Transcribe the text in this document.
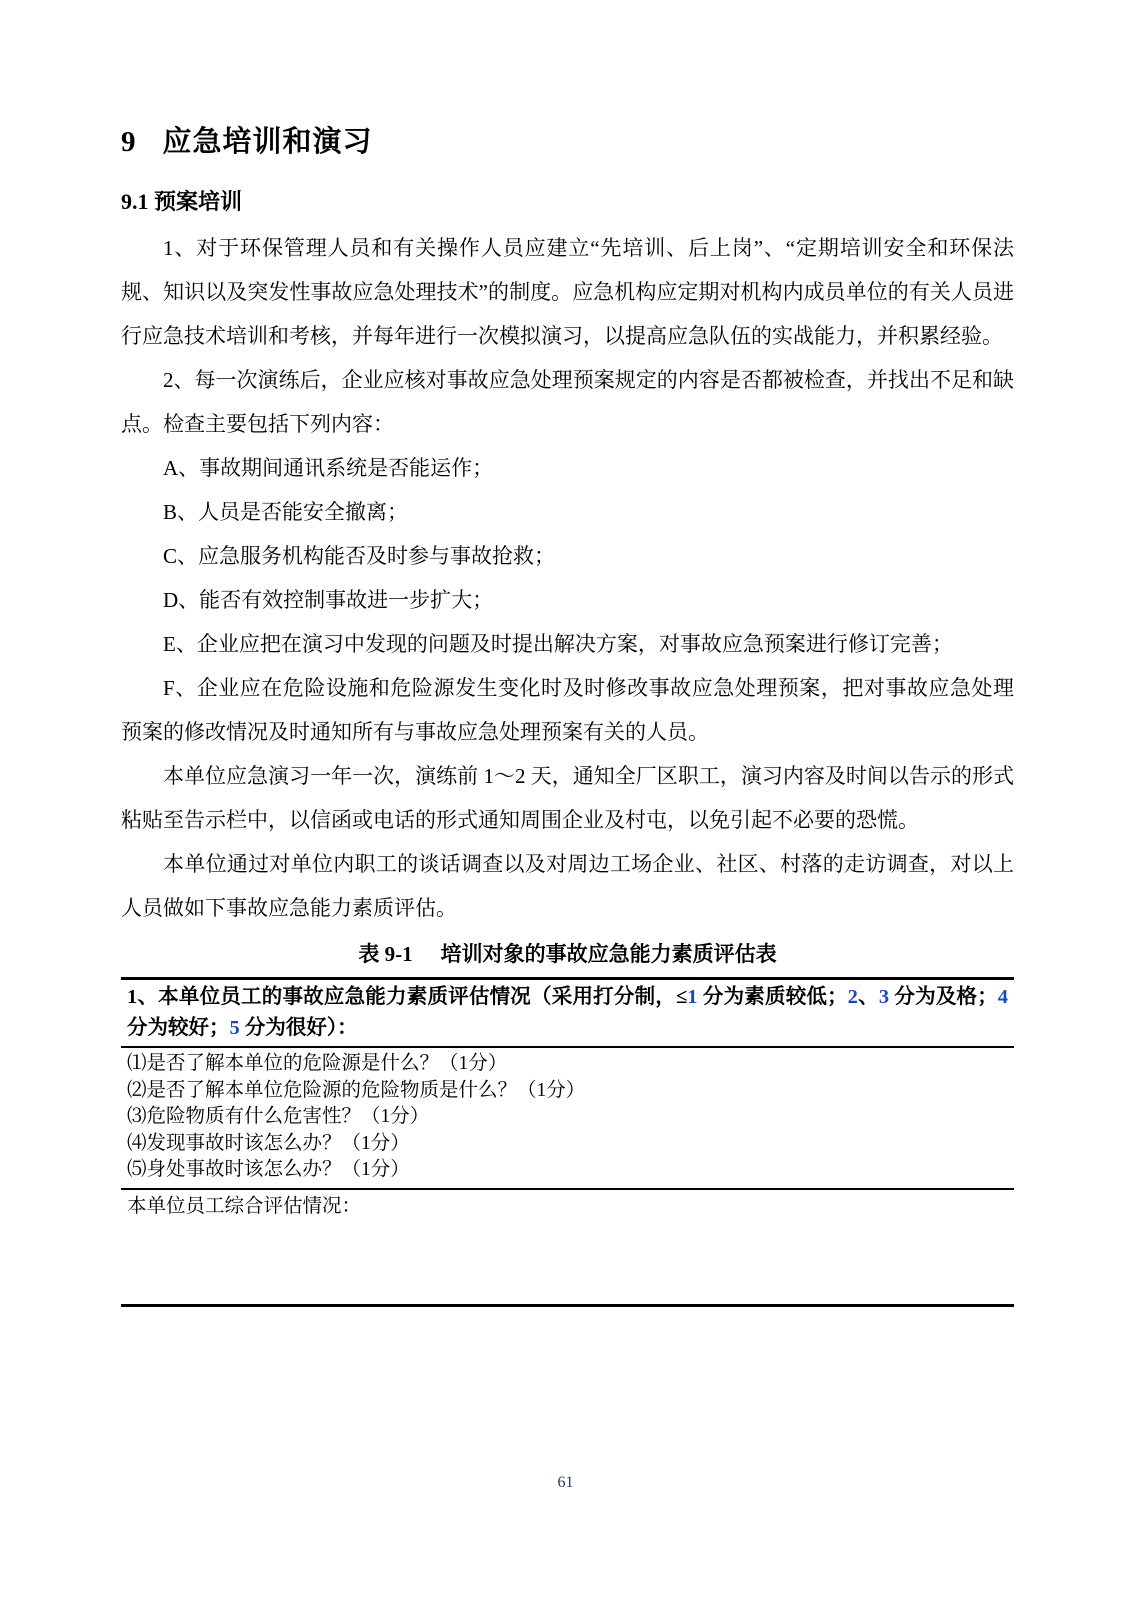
9 应急培训和演习
9.1 预案培训

1、对于环保管理人员和有关操作人员应建立“先培训、后上岗”、“定期培训安全和环保法规、知识以及突发性事故应急处理技术”的制度。应急机构应定期对机构内成员单位的有关人员进行应急技术培训和考核，并每年进行一次模拟演习，以提高应急队伍的实战能力，并积累经验。

2、每一次演练后，企业应核对事故应急处理预案规定的内容是否都被检查，并找出不足和缺点。检查主要包括下列内容：

A、事故期间通讯系统是否能运作；

B、人员是否能安全撤离；

C、应急服务机构能否及时参与事故抢救；

D、能否有效控制事故进一步扩大；

E、企业应把在演习中发现的问题及时提出解决方案，对事故应急预案进行修订完善；

F、企业应在危险设施和危险源发生变化时及时修改事故应急处理预案，把对事故应急处理预案的修改情况及时通知所有与事故应急处理预案有关的人员。

本单位应急演习一年一次，演练前 1～2 天，通知全厂区职工，演习内容及时间以告示的形式粘贴至告示栏中，以信函或电话的形式通知周围企业及村屯，以免引起不必要的恐慌。

本单位通过对单位内职工的谈话调查以及对周边工场企业、社区、村落的走访调查，对以上人员做如下事故应急能力素质评估。

表 9-1 培训对象的事故应急能力素质评估表
1、本单位员工的事故应急能力素质评估情况（采用打分制，≤1 分为素质较低；2、3 分为及格；4 分为较好；5 分为很好）：

⑴是否了解本单位的危险源是什么？（1分）
⑵是否了解本单位危险源的危险物质是什么？（1分）
⑶危险物质有什么危害性？（1分）
⑷发现事故时该怎么办？（1分）
⑸身处事故时该怎么办？（1分）

本单位员工综合评估情况：
61
